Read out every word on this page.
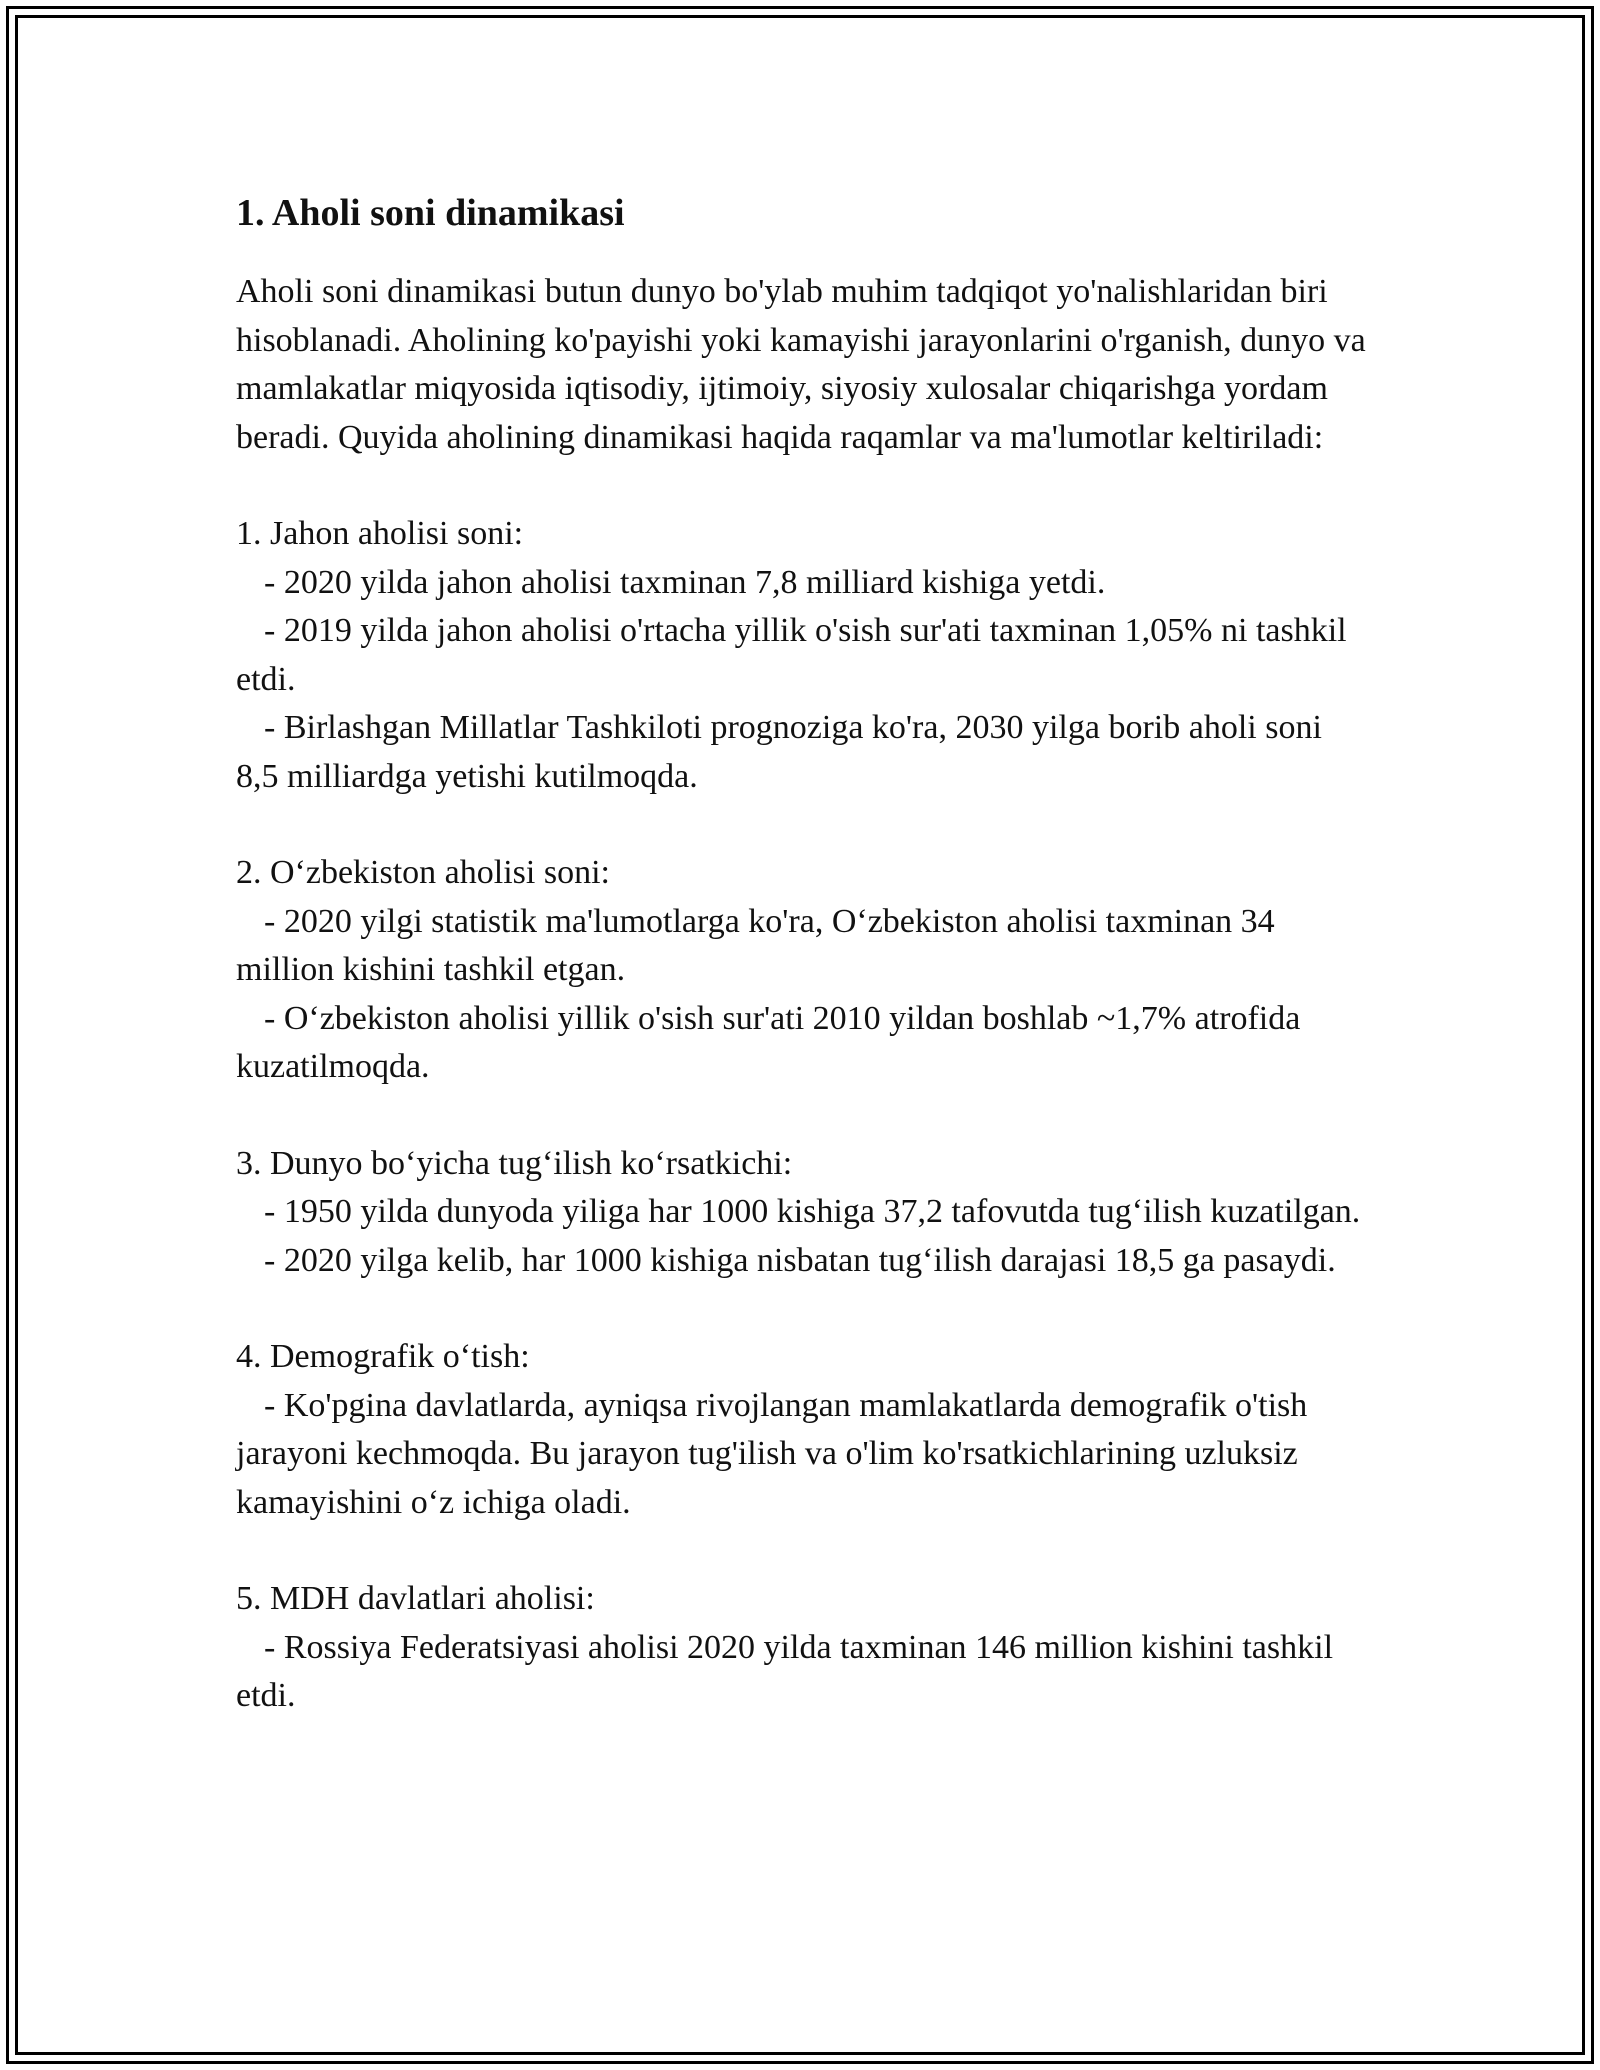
1. Aholi soni dinamikasi

Aholi soni dinamikasi butun dunyo bo'ylab muhim tadqiqot yo'nalishlaridan biri hisoblanadi. Aholining ko'payishi yoki kamayishi jarayonlarini o'rganish, dunyo va mamlakatlar miqyosida iqtisodiy, ijtimoiy, siyosiy xulosalar chiqarishga yordam beradi. Quyida aholining dinamikasi haqida raqamlar va ma'lumotlar keltiriladi:

1. Jahon aholisi soni:

- 2020 yilda jahon aholisi taxminan 7,8 milliard kishiga yetdi.

- 2019 yilda jahon aholisi o'rtacha yillik o'sish sur'ati taxminan 1,05% ni tashkil etdi.

- Birlashgan Millatlar Tashkiloti prognoziga ko'ra, 2030 yilga borib aholi soni 8,5 milliardga yetishi kutilmoqda.

2. O‘zbekiston aholisi soni:

- 2020 yilgi statistik ma'lumotlarga ko'ra, O‘zbekiston aholisi taxminan 34 million kishini tashkil etgan.

- O‘zbekiston aholisi yillik o'sish sur'ati 2010 yildan boshlab ~1,7% atrofida kuzatilmoqda.

3. Dunyo bo‘yicha tug‘ilish ko‘rsatkichi:

- 1950 yilda dunyoda yiliga har 1000 kishiga 37,2 tafovutda tug‘ilish kuzatilgan.

- 2020 yilga kelib, har 1000 kishiga nisbatan tug‘ilish darajasi 18,5 ga pasaydi.

4. Demografik o‘tish:

- Ko'pgina davlatlarda, ayniqsa rivojlangan mamlakatlarda demografik o'tish jarayoni kechmoqda. Bu jarayon tug'ilish va o'lim ko'rsatkichlarining uzluksiz kamayishini o‘z ichiga oladi.

5. MDH davlatlari aholisi:

- Rossiya Federatsiyasi aholisi 2020 yilda taxminan 146 million kishini tashkil etdi.
